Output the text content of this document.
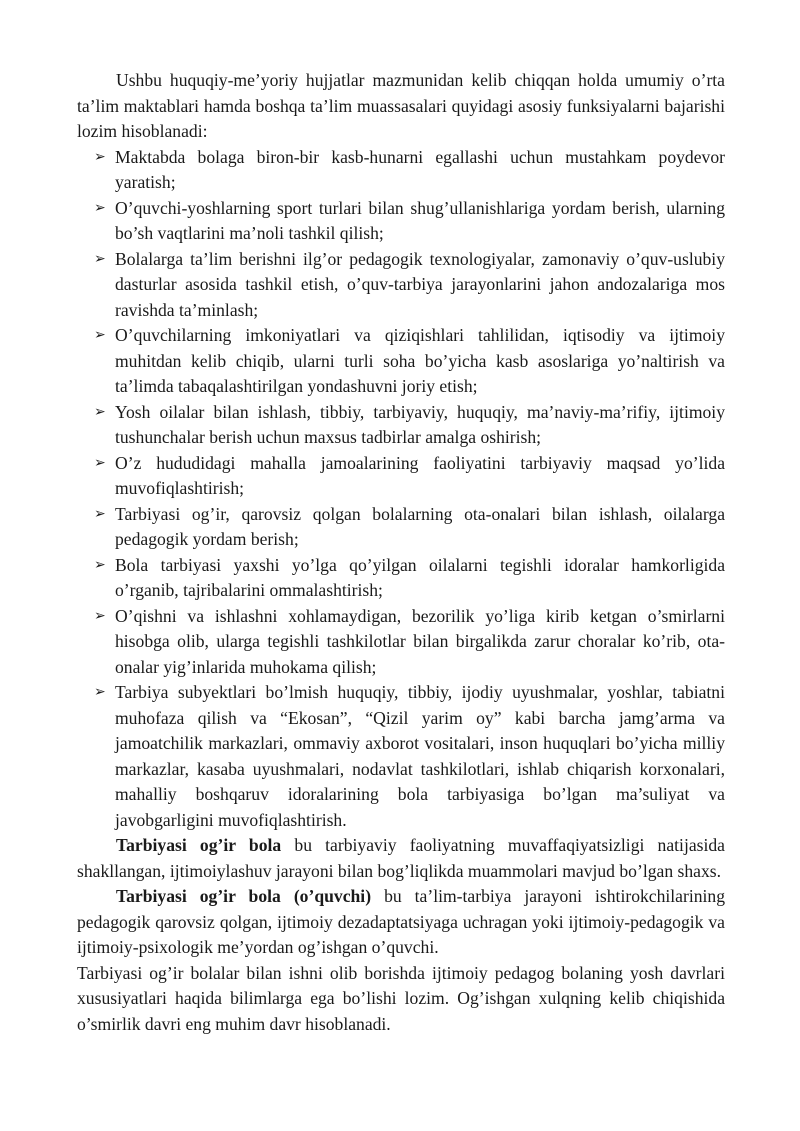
Ushbu huquqiy-me’yoriy hujjatlar mazmunidan kelib chiqqan holda umumiy o’rta ta’lim maktablari hamda boshqa ta’lim muassasalari quyidagi asosiy funksiyalarni bajarishi lozim hisoblanadi:

➢ Maktabda bolaga biron-bir kasb-hunarni egallashi uchun mustahkam poydevor yaratish;
➢ O’quvchi-yoshlarning sport turlari bilan shug’ullanishlariga yordam berish, ularning bo’sh vaqtlarini ma’noli tashkil qilish;
➢ Bolalarga ta’lim berishni ilg’or pedagogik texnologiyalar, zamonaviy o’quv-uslubiy dasturlar asosida tashkil etish, o’quv-tarbiya jarayonlarini jahon andozalariga mos ravishda ta’minlash;
➢ O’quvchilarning imkoniyatlari va qiziqishlari tahlilidan, iqtisodiy va ijtimoiy muhitdan kelib chiqib, ularni turli soha bo’yicha kasb asoslariga yo’naltirish va ta’limda tabaqalashtirilgan yondashuvni joriy etish;
➢ Yosh oilalar bilan ishlash, tibbiy, tarbiyaviy, huquqiy, ma’naviy-ma’rifiy, ijtimoiy tushunchalar berish uchun maxsus tadbirlar amalga oshirish;
➢ O’z hududidagi mahalla jamoalarining faoliyatini tarbiyaviy maqsad yo’lida muvofiqlashtirish;
➢ Tarbiyasi og’ir, qarovsiz qolgan bolalarning ota-onalari bilan ishlash, oilalarga pedagogik yordam berish;
➢ Bola tarbiyasi yaxshi yo’lga qo’yilgan oilalarni tegishli idoralar hamkorligida o’rganib, tajribalarini ommalashtirish;
➢ O’qishni va ishlashni xohlamaydigan, bezorilik yo’liga kirib ketgan o’smirlarni hisobga olib, ularga tegishli tashkilotlar bilan birgalikda zarur choralar ko’rib, ota-onalar yig’inlarida muhokama qilish;
➢ Tarbiya subyektlari bo’lmish huquqiy, tibbiy, ijodiy uyushmalar, yoshlar, tabiatni muhofaza qilish va “Ekosan”, “Qizil yarim oy” kabi barcha jamg’arma va jamoatchilik markazlari, ommaviy axborot vositalari, inson huquqlari bo’yicha milliy markazlar, kasaba uyushmalari, nodavlat tashkilotlari, ishlab chiqarish korxonalari, mahalliy boshqaruv idoralarining bola tarbiyasiga bo’lgan ma’suliyat va javobgarligini muvofiqlashtirish.

Tarbiyasi og’ir bola bu tarbiyaviy faoliyatning muvaffaqiyatsizligi natijasida shakllangan, ijtimoiylashuv jarayoni bilan bog’liqlikda muammolari mavjud bo’lgan shaxs.

Tarbiyasi og’ir bola (o’quvchi) bu ta’lim-tarbiya jarayoni ishtirokchilarining pedagogik qarovsiz qolgan, ijtimoiy dezadaptatsiyaga uchragan yoki ijtimoiy-pedagogik va ijtimoiy-psixologik me’yordan og’ishgan o’quvchi.

Tarbiyasi og’ir bolalar bilan ishni olib borishda ijtimoiy pedagog bolaning yosh davrlari xususiyatlari haqida bilimlarga ega bo’lishi lozim. Og’ishgan xulqning kelib chiqishida o’smirlik davri eng muhim davr hisoblanadi.
